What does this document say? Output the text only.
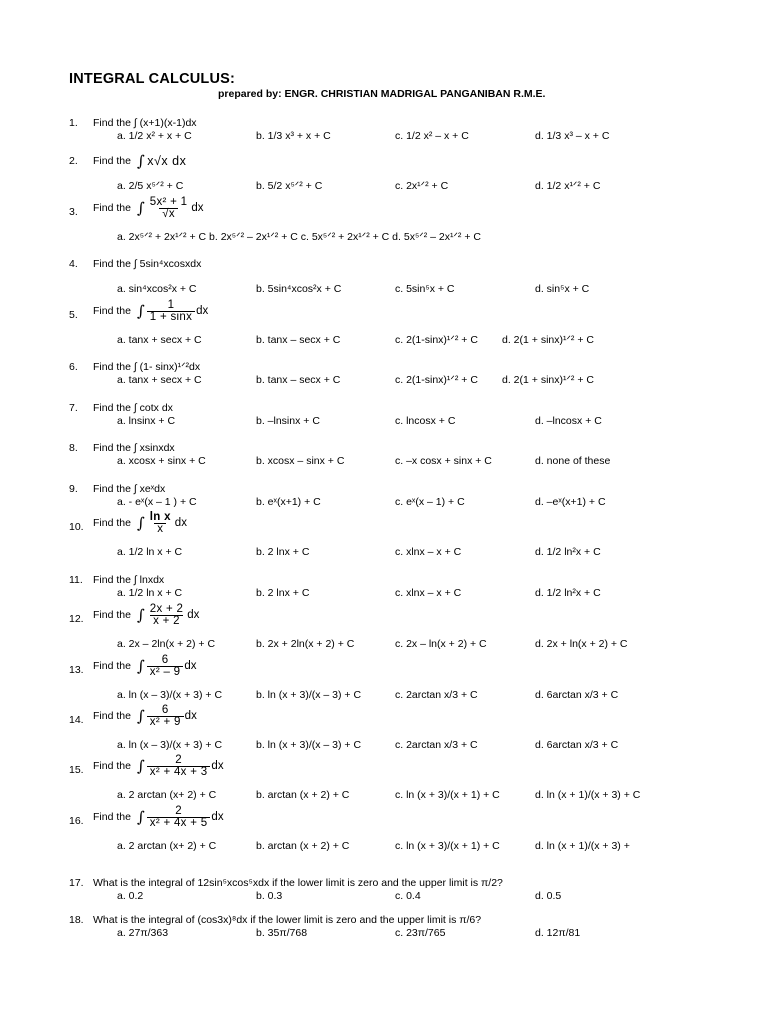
INTEGRAL CALCULUS:
prepared by: ENGR. CHRISTIAN MADRIGAL PANGANIBAN R.M.E.
1.	Find the ∫ (x+1)(x-1)dx
a. 1/2 x² + x + C	b. 1/3 x³ + x + C	c. 1/2 x² – x + C	d. 1/3 x³ – x + C
2.	Find the ∫ x√x dx
a. 2/5 x⁵ᐟ² + C	b. 5/2 x⁵ᐟ² + C	c. 2x¹ᐟ² + C	d. 1/2 x¹ᐟ² + C
3.	Find the ∫ $\frac{\text{5x² + 1}}{√x}$ dx
a. 2x⁵ᐟ² + 2x¹ᐟ² + C b. 2x⁵ᐟ² – 2x¹ᐟ² + C c. 5x⁵ᐟ² + 2x¹ᐟ² + C d. 5x⁵ᐟ² – 2x¹ᐟ² + C
4.	Find the ∫ 5sin⁴xcosxdx
a. sin⁴xcos²x + C	b. 5sin⁴xcos²x + C	c. 5sin⁵x + C	d. sin⁵x + C
5.	Find the ∫ $\frac{1}{1 + \sin x}$ dx
a. tanx + secx + C	b. tanx – secx + C	c. 2(1-sinx)¹ᐟ² + C d. 2(1 + sinx)¹ᐟ² + C
6.	Find the ∫ (1- sinx)¹ᐟ²dx
a. tanx + secx + C	b. tanx – secx + C	c. 2(1-sinx)¹ᐟ² + C d. 2(1 + sinx)¹ᐟ² + C
7.	Find the ∫ cotx dx
a. lnsinx + C	b. –lnsinx + C	c. lncosx + C	d. –lncosx + C
8.	Find the ∫ xsinxdx
a. xcosx + sinx + C	b. xcosx – sinx + C	c. –x cosx + sinx + C	d. none of these
9.	Find the ∫ xeˣdx
a. - eˣ(x – 1 ) + C	b. eˣ(x+1) + C	c. eˣ(x – 1) + C	d. –eˣ(x+1) + C
10. Find the ∫ $\frac{\text{ln x}}{x}$ dx
a. 1/2 ln x + C	b. 2 lnx + C	c. xlnx – x + C	d. 1/2 ln²x + C
11. Find the ∫ lnxdx
a. 1/2 ln x + C	b. 2 lnx + C	c. xlnx – x + C	d. 1/2 ln²x + C
12. Find the ∫ $\frac{2x + 2}{x + 2}$ dx
a. 2x – 2ln(x + 2) + C	b. 2x + 2ln(x + 2) + C	c. 2x – ln(x + 2) + C	d. 2x + ln(x + 2) + C
13. Find the ∫ $\frac{6}{\text{x² – 9}}$ dx
a. ln (x – 3)/(x + 3) + C	b. ln (x + 3)/(x – 3) + C	c. 2arctan x/3 + C	d. 6arctan x/3 + C
14. Find the ∫ $\frac{6}{\text{x² + 9}}$ dx
a. ln (x – 3)/(x + 3) + C	b. ln (x + 3)/(x – 3) + C	c. 2arctan x/3 + C	d. 6arctan x/3 + C
15. Find the ∫ $\frac{2}{\text{x² + 4x + 3}}$ dx
a. 2 arctan (x+ 2) + C	b. arctan (x + 2) + C	c. ln (x + 3)/(x + 1) + C	d. ln (x + 1)/(x + 3) + C
16. Find the ∫ $\frac{2}{\text{x² + 4x + 5}}$ dx
a. 2 arctan (x+ 2) + C	b. arctan (x + 2) + C	c. ln (x + 3)/(x + 1) + C	d. ln (x + 1)/(x + 3) +
17. What is the integral of 12sin⁵xcos⁵xdx if the lower limit is zero and the upper limit is π/2?
a. 0.2	b. 0.3	c. 0.4	d. 0.5
18. What is the integral of (cos3x)⁸dx if the lower limit is zero and the upper limit is π/6?
a. 27π/363	b. 35π/768	c. 23π/765	d. 12π/81
